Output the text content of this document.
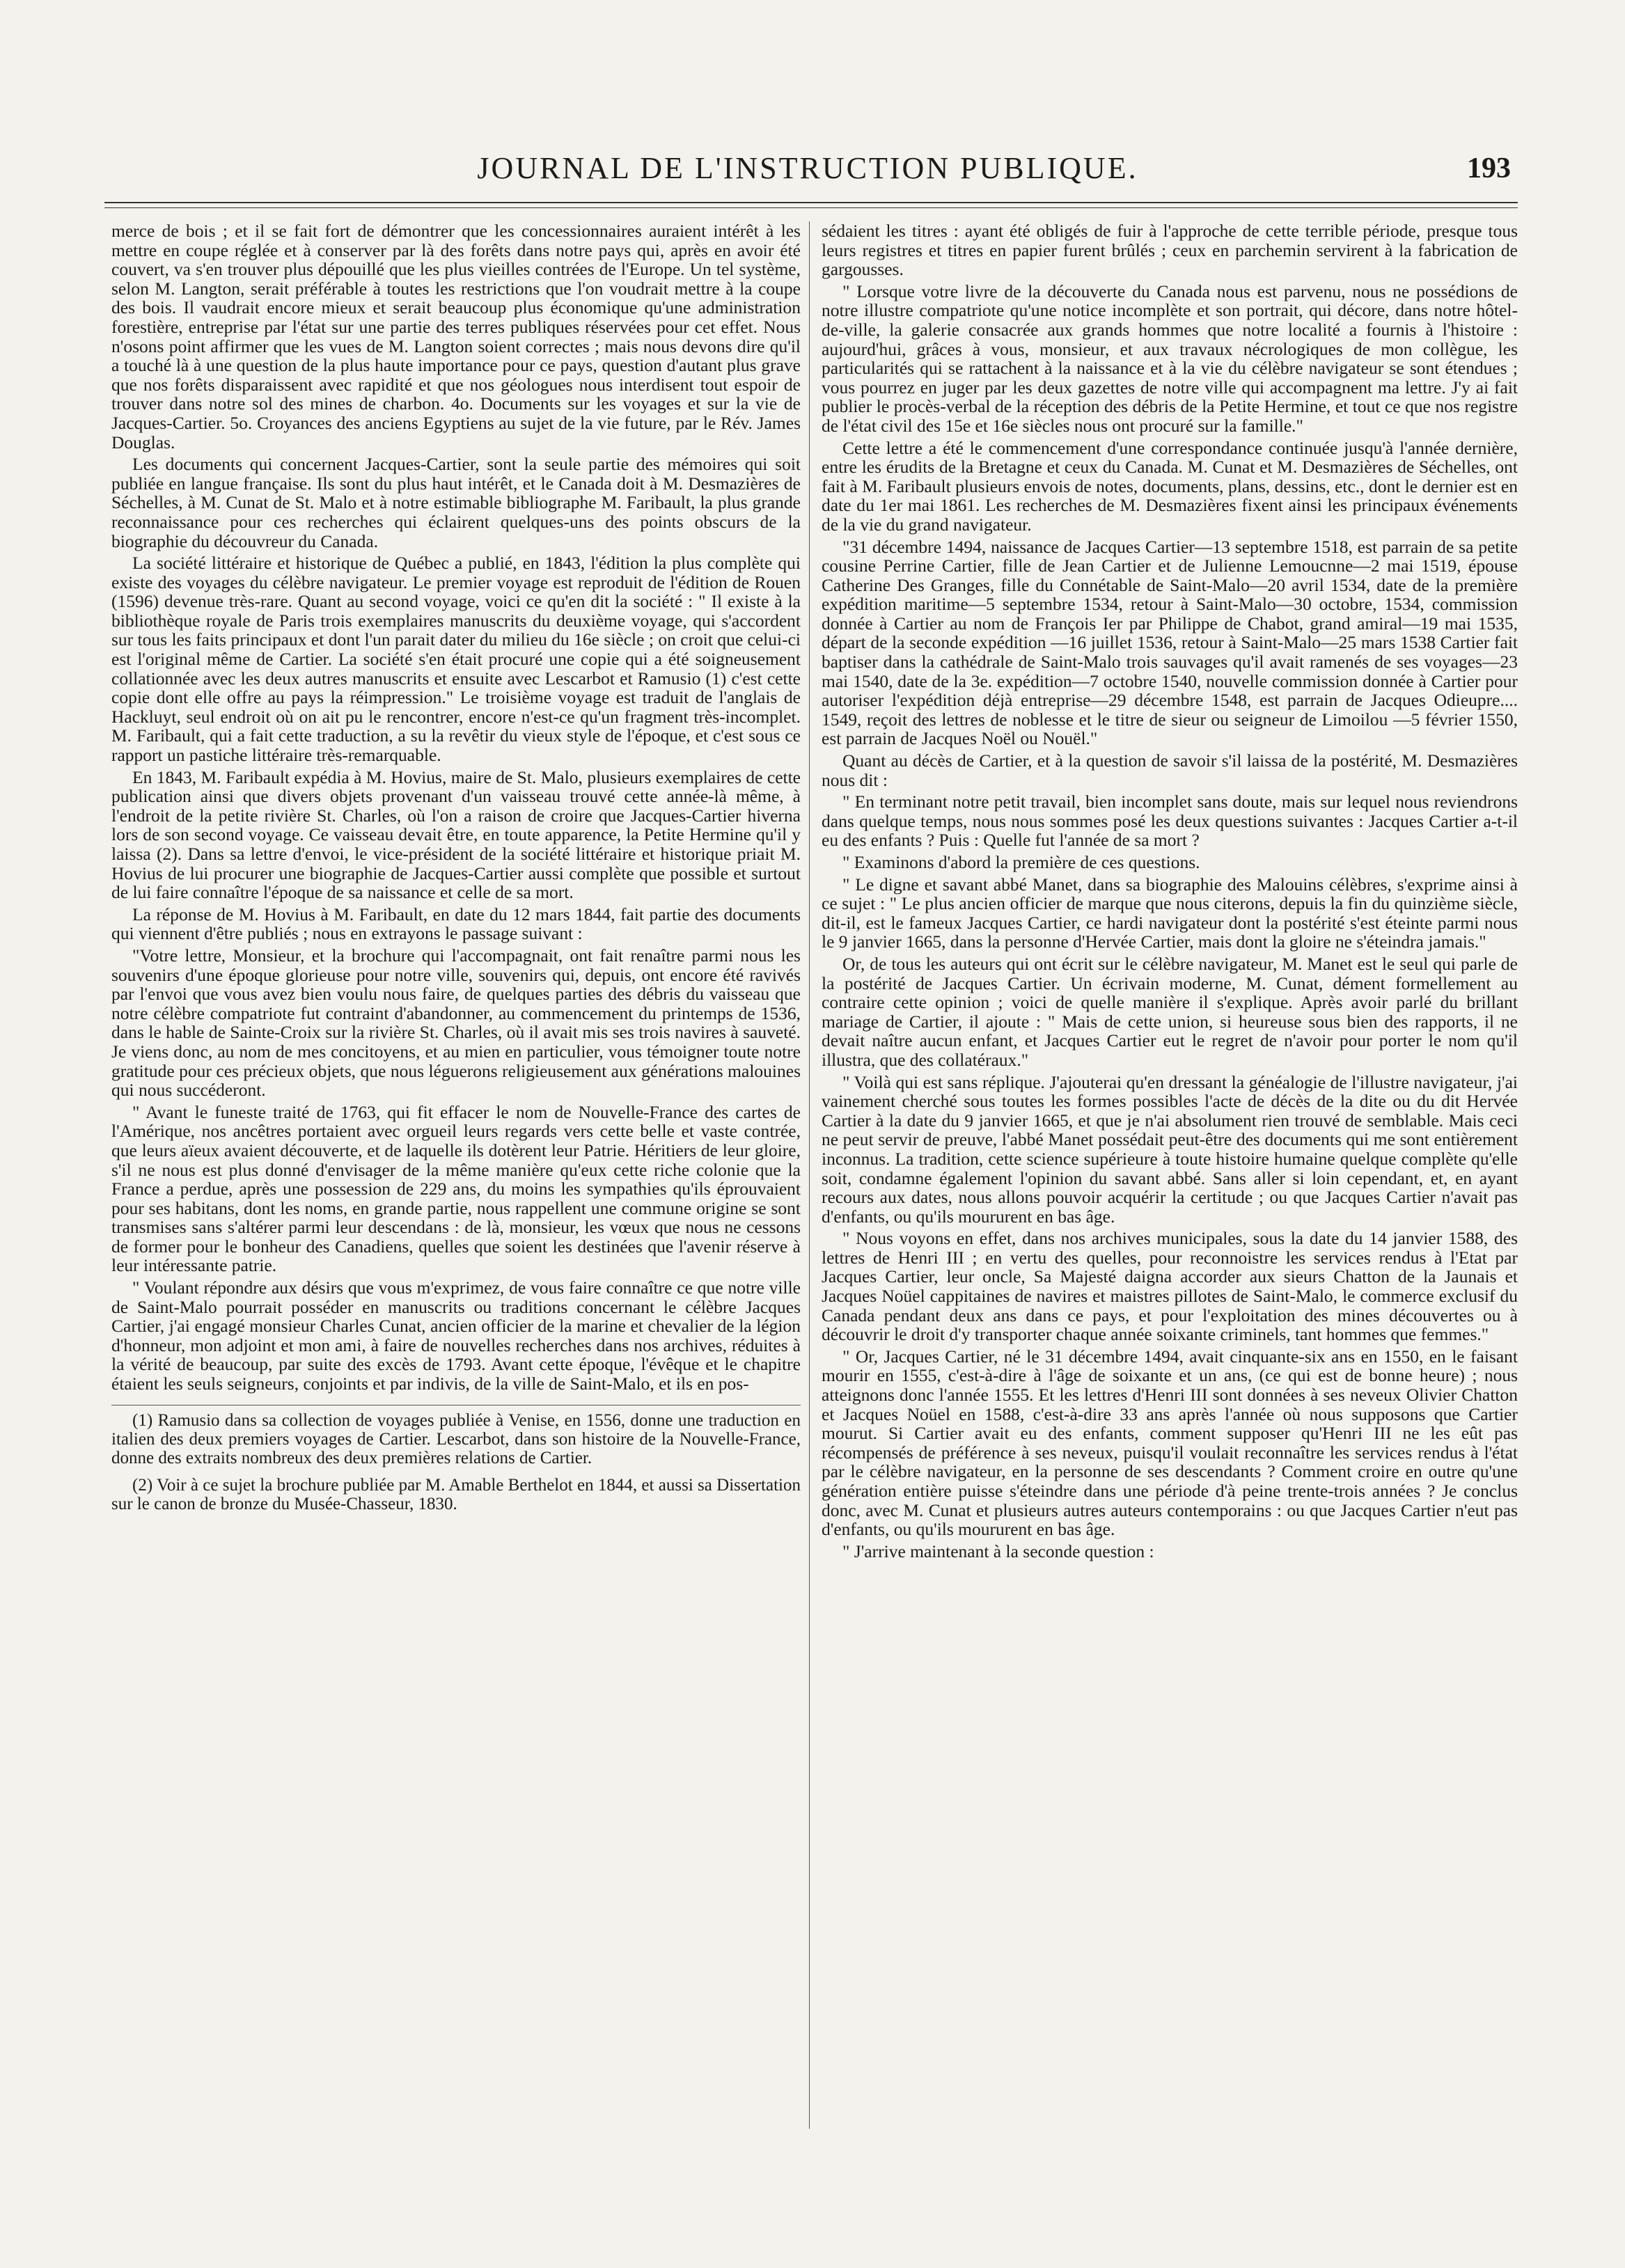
JOURNAL DE L'INSTRUCTION PUBLIQUE.	193

merce de bois ; et il se fait fort de démontrer que les concessionnaires auraient intérêt à les mettre en coupe réglée et à conserver par là des forêts dans notre pays qui, après en avoir été couvert, va s'en trouver plus dépouillé que les plus vieilles contrées de l'Europe. Un tel système, selon M. Langton, serait préférable à toutes les restrictions que l'on voudrait mettre à la coupe des bois. Il vaudrait encore mieux et serait beaucoup plus économique qu'une administration forestière, entreprise par l'état sur une partie des terres publiques réservées pour cet effet. Nous n'osons point affirmer que les vues de M. Langton soient correctes ; mais nous devons dire qu'il a touché là à une question de la plus haute importance pour ce pays, question d'autant plus grave que nos forêts disparaissent avec rapidité et que nos géologues nous interdisent tout espoir de trouver dans notre sol des mines de charbon. 4o. Documents sur les voyages et sur la vie de Jacques-Cartier. 5o. Croyances des anciens Egyptiens au sujet de la vie future, par le Rév. James Douglas.

Les documents qui concernent Jacques-Cartier, sont la seule partie des mémoires qui soit publiée en langue française. Ils sont du plus haut intérêt, et le Canada doit à M. Desmazières de Séchelles, à M. Cunat de St. Malo et à notre estimable bibliographe M. Faribault, la plus grande reconnaissance pour ces recherches qui éclairent quelques-uns des points obscurs de la biographie du découvreur du Canada.

La société littéraire et historique de Québec a publié, en 1843, l'édition la plus complète qui existe des voyages du célèbre navigateur. Le premier voyage est reproduit de l'édition de Rouen (1596) devenue très-rare. Quant au second voyage, voici ce qu'en dit la société : " Il existe à la bibliothèque royale de Paris trois exemplaires manuscrits du deuxième voyage, qui s'accordent sur tous les faits principaux et dont l'un parait dater du milieu du 16e siècle ; on croit que celui-ci est l'original même de Cartier. La société s'en était procuré une copie qui a été soigneusement collationnée avec les deux autres manuscrits et ensuite avec Lescarbot et Ramusio (1) c'est cette copie dont elle offre au pays la réimpression." Le troisième voyage est traduit de l'anglais de Hackluyt, seul endroit où on ait pu le rencontrer, encore n'est-ce qu'un fragment très-incomplet. M. Faribault, qui a fait cette traduction, a su la revêtir du vieux style de l'époque, et c'est sous ce rapport un pastiche littéraire très-remarquable.

En 1843, M. Faribault expédia à M. Hovius, maire de St. Malo, plusieurs exemplaires de cette publication ainsi que divers objets provenant d'un vaisseau trouvé cette année-là même, à l'endroit de la petite rivière St. Charles, où l'on a raison de croire que Jacques-Cartier hiverna lors de son second voyage. Ce vaisseau devait être, en toute apparence, la Petite Hermine qu'il y laissa (2). Dans sa lettre d'envoi, le vice-président de la société littéraire et historique priait M. Hovius de lui procurer une biographie de Jacques-Cartier aussi complète que possible et surtout de lui faire connaître l'époque de sa naissance et celle de sa mort.

La réponse de M. Hovius à M. Faribault, en date du 12 mars 1844, fait partie des documents qui viennent d'être publiés ; nous en extrayons le passage suivant :

"Votre lettre, Monsieur, et la brochure qui l'accompagnait, ont fait renaître parmi nous les souvenirs d'une époque glorieuse pour notre ville, souvenirs qui, depuis, ont encore été ravivés par l'envoi que vous avez bien voulu nous faire, de quelques parties des débris du vaisseau que notre célèbre compatriote fut contraint d'abandonner, au commencement du printemps de 1536, dans le hable de Sainte-Croix sur la rivière St. Charles, où il avait mis ses trois navires à sauveté. Je viens donc, au nom de mes concitoyens, et au mien en particulier, vous témoigner toute notre gratitude pour ces précieux objets, que nous léguerons religieusement aux générations malouines qui nous succéderont.

" Avant le funeste traité de 1763, qui fit effacer le nom de Nouvelle-France des cartes de l'Amérique, nos ancêtres portaient avec orgueil leurs regards vers cette belle et vaste contrée, que leurs aïeux avaient découverte, et de laquelle ils dotèrent leur Patrie. Héritiers de leur gloire, s'il ne nous est plus donné d'envisager de la même manière qu'eux cette riche colonie que la France a perdue, après une possession de 229 ans, du moins les sympathies qu'ils éprouvaient pour ses habitans, dont les noms, en grande partie, nous rappellent une commune origine se sont transmises sans s'altérer parmi leur descendans : de là, monsieur, les vœux que nous ne cessons de former pour le bonheur des Canadiens, quelles que soient les destinées que l'avenir réserve à leur intéressante patrie.

" Voulant répondre aux désirs que vous m'exprimez, de vous faire connaître ce que notre ville de Saint-Malo pourrait posséder en manuscrits ou traditions concernant le célèbre Jacques Cartier, j'ai engagé monsieur Charles Cunat, ancien officier de la marine et chevalier de la légion d'honneur, mon adjoint et mon ami, à faire de nouvelles recherches dans nos archives, réduites à la vérité de beaucoup, par suite des excès de 1793. Avant cette époque, l'évêque et le chapitre étaient les seuls seigneurs, conjoints et par indivis, de la ville de Saint-Malo, et ils en pos-

(1) Ramusio dans sa collection de voyages publiée à Venise, en 1556, donne une traduction en italien des deux premiers voyages de Cartier. Lescarbot, dans son histoire de la Nouvelle-France, donne des extraits nombreux des deux premières relations de Cartier.

(2) Voir à ce sujet la brochure publiée par M. Amable Berthelot en 1844, et aussi sa Dissertation sur le canon de bronze du Musée-Chasseur, 1830.

sédaient les titres : ayant été obligés de fuir à l'approche de cette terrible période, presque tous leurs registres et titres en papier furent brûlés ; ceux en parchemin servirent à la fabrication de gargousses.

" Lorsque votre livre de la découverte du Canada nous est parvenu, nous ne possédions de notre illustre compatriote qu'une notice incomplète et son portrait, qui décore, dans notre hôtel-de-ville, la galerie consacrée aux grands hommes que notre localité a fournis à l'histoire : aujourd'hui, grâces à vous, monsieur, et aux travaux nécrologiques de mon collègue, les particularités qui se rattachent à la naissance et à la vie du célèbre navigateur se sont étendues ; vous pourrez en juger par les deux gazettes de notre ville qui accompagnent ma lettre. J'y ai fait publier le procès-verbal de la réception des débris de la Petite Hermine, et tout ce que nos registre de l'état civil des 15e et 16e siècles nous ont procuré sur la famille."

Cette lettre a été le commencement d'une correspondance continuée jusqu'à l'année dernière, entre les érudits de la Bretagne et ceux du Canada. M. Cunat et M. Desmazières de Séchelles, ont fait à M. Faribault plusieurs envois de notes, documents, plans, dessins, etc., dont le dernier est en date du 1er mai 1861. Les recherches de M. Desmazières fixent ainsi les principaux événements de la vie du grand navigateur.

"31 décembre 1494, naissance de Jacques Cartier—13 septembre 1518, est parrain de sa petite cousine Perrine Cartier, fille de Jean Cartier et de Julienne Lemoucnne—2 mai 1519, épouse Catherine Des Granges, fille du Connétable de Saint-Malo—20 avril 1534, date de la première expédition maritime—5 septembre 1534, retour à Saint-Malo—30 octobre, 1534, commission donnée à Cartier au nom de François Ier par Philippe de Chabot, grand amiral—19 mai 1535, départ de la seconde expédition —16 juillet 1536, retour à Saint-Malo—25 mars 1538 Cartier fait baptiser dans la cathédrale de Saint-Malo trois sauvages qu'il avait ramenés de ses voyages—23 mai 1540, date de la 3e. expédition—7 octobre 1540, nouvelle commission donnée à Cartier pour autoriser l'expédition déjà entreprise—29 décembre 1548, est parrain de Jacques Odieupre.... 1549, reçoit des lettres de noblesse et le titre de sieur ou seigneur de Limoilou —5 février 1550, est parrain de Jacques Noël ou Nouël."

Quant au décès de Cartier, et à la question de savoir s'il laissa de la postérité, M. Desmazières nous dit :

" En terminant notre petit travail, bien incomplet sans doute, mais sur lequel nous reviendrons dans quelque temps, nous nous sommes posé les deux questions suivantes : Jacques Cartier a-t-il eu des enfants ? Puis : Quelle fut l'année de sa mort ?

" Examinons d'abord la première de ces questions.

" Le digne et savant abbé Manet, dans sa biographie des Malouins célèbres, s'exprime ainsi à ce sujet : " Le plus ancien officier de marque que nous citerons, depuis la fin du quinzième siècle, dit-il, est le fameux Jacques Cartier, ce hardi navigateur dont la postérité s'est éteinte parmi nous le 9 janvier 1665, dans la personne d'Hervée Cartier, mais dont la gloire ne s'éteindra jamais."

Or, de tous les auteurs qui ont écrit sur le célèbre navigateur, M. Manet est le seul qui parle de la postérité de Jacques Cartier. Un écrivain moderne, M. Cunat, dément formellement au contraire cette opinion ; voici de quelle manière il s'explique. Après avoir parlé du brillant mariage de Cartier, il ajoute : " Mais de cette union, si heureuse sous bien des rapports, il ne devait naître aucun enfant, et Jacques Cartier eut le regret de n'avoir pour porter le nom qu'il illustra, que des collatéraux."

" Voilà qui est sans réplique. J'ajouterai qu'en dressant la généalogie de l'illustre navigateur, j'ai vainement cherché sous toutes les formes possibles l'acte de décès de la dite ou du dit Hervée Cartier à la date du 9 janvier 1665, et que je n'ai absolument rien trouvé de semblable. Mais ceci ne peut servir de preuve, l'abbé Manet possédait peut-être des documents qui me sont entièrement inconnus. La tradition, cette science supérieure à toute histoire humaine quelque complète qu'elle soit, condamne également l'opinion du savant abbé. Sans aller si loin cependant, et, en ayant recours aux dates, nous allons pouvoir acquérir la certitude ; ou que Jacques Cartier n'avait pas d'enfants, ou qu'ils moururent en bas âge.

" Nous voyons en effet, dans nos archives municipales, sous la date du 14 janvier 1588, des lettres de Henri III ; en vertu des quelles, pour reconnoistre les services rendus à l'Etat par Jacques Cartier, leur oncle, Sa Majesté daigna accorder aux sieurs Chatton de la Jaunais et Jacques Noüel cappitaines de navires et maistres pillotes de Saint-Malo, le commerce exclusif du Canada pendant deux ans dans ce pays, et pour l'exploitation des mines découvertes ou à découvrir le droit d'y transporter chaque année soixante criminels, tant hommes que femmes."

" Or, Jacques Cartier, né le 31 décembre 1494, avait cinquante-six ans en 1550, en le faisant mourir en 1555, c'est-à-dire à l'âge de soixante et un ans, (ce qui est de bonne heure) ; nous atteignons donc l'année 1555. Et les lettres d'Henri III sont données à ses neveux Olivier Chatton et Jacques Noüel en 1588, c'est-à-dire 33 ans après l'année où nous supposons que Cartier mourut. Si Cartier avait eu des enfants, comment supposer qu'Henri III ne les eût pas récompensés de préférence à ses neveux, puisqu'il voulait reconnaître les services rendus à l'état par le célèbre navigateur, en la personne de ses descendants ? Comment croire en outre qu'une génération entière puisse s'éteindre dans une période d'à peine trente-trois années ? Je conclus donc, avec M. Cunat et plusieurs autres auteurs contemporains : ou que Jacques Cartier n'eut pas d'enfants, ou qu'ils moururent en bas âge.

" J'arrive maintenant à la seconde question :
